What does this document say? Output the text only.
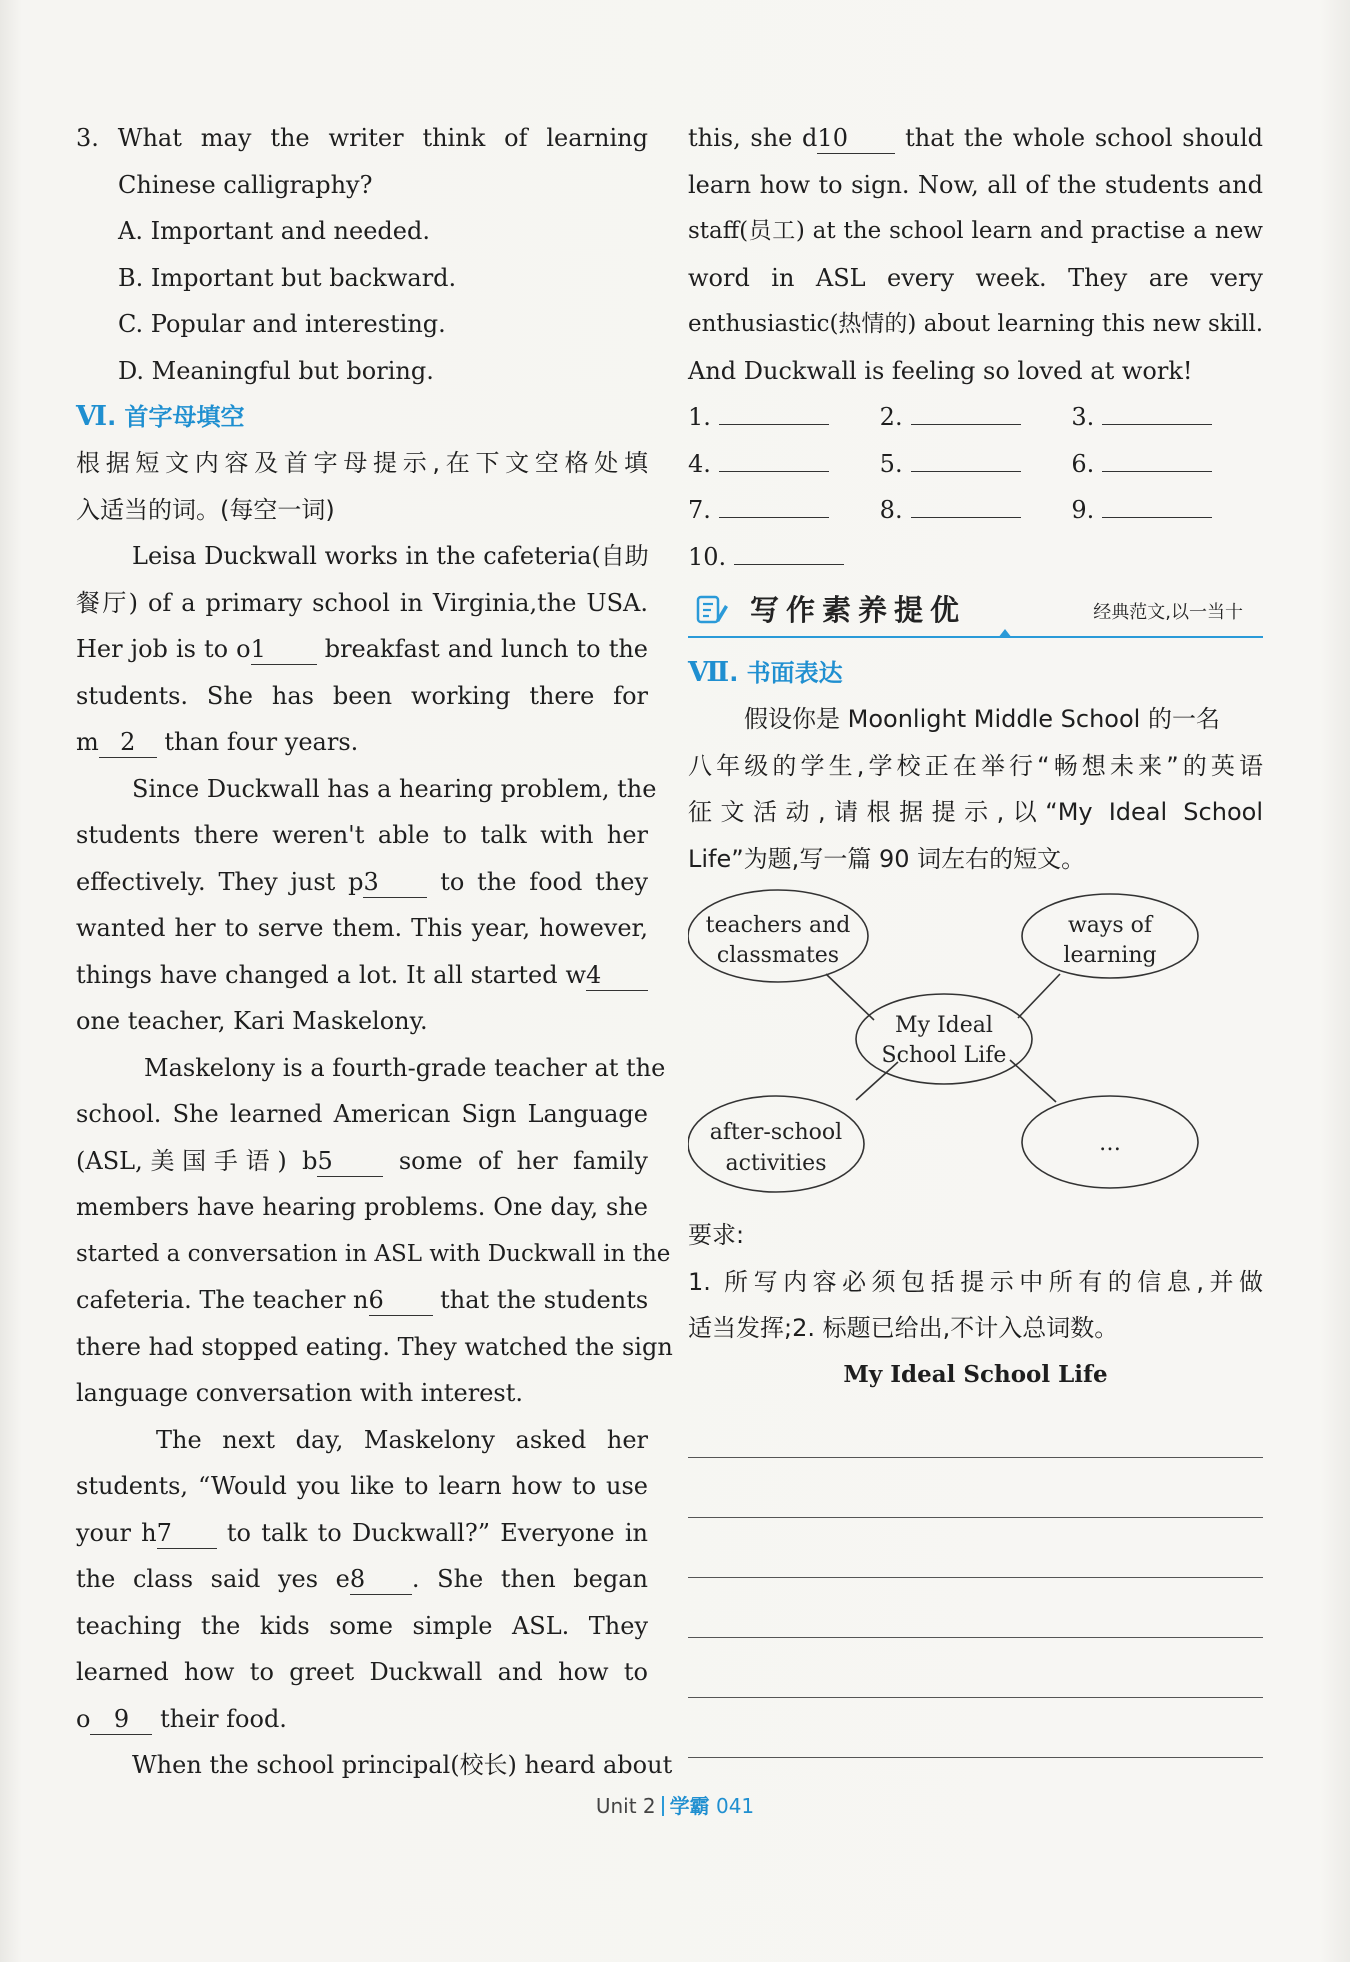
3. What may the writer think of learning
Chinese calligraphy?
A. Important and needed.
B. Important but backward.
C. Popular and interesting.
D. Meaningful but boring.
Ⅵ. 首字母填空
根据短文内容及首字母提示,在下文空格处填
入适当的词。(每空一词)
Leisa Duckwall works in the cafeteria(自助
餐厅) of a primary school in Virginia,the USA.
Her job is to o1 breakfast and lunch to the
students. She has been working there for
m 2 than four years.
Since Duckwall has a hearing problem, the
students there weren't able to talk with her
effectively. They just p3 to the food they
wanted her to serve them. This year, however,
things have changed a lot. It all started w4
one teacher, Kari Maskelony.
Maskelony is a fourth-grade teacher at the
school. She learned American Sign Language
(ASL,美国手语) b5 some of her family
members have hearing problems. One day, she
started a conversation in ASL with Duckwall in the
cafeteria. The teacher n6 that the students
there had stopped eating. They watched the sign
language conversation with interest.
The next day, Maskelony asked her
students, “Would you like to learn how to use
your h7 to talk to Duckwall?” Everyone in
the class said yes e8 . She then began
teaching the kids some simple ASL. They
learned how to greet Duckwall and how to
o 9 their food.
When the school principal(校长) heard about
this, she d10 that the whole school should
learn how to sign. Now, all of the students and
staff(员工) at the school learn and practise a new
word in ASL every week. They are very
enthusiastic(热情的) about learning this new skill.
And Duckwall is feeling so loved at work!
1.	2.	3.
4.	5.	6.
7.	8.	9.
10.
写作素养提优	经典范文,以一当十
Ⅶ. 书面表达
假设你是 Moonlight Middle School 的一名
八年级的学生,学校正在举行“畅想未来”的英语
征文活动,请根据提示,以“My Ideal School
Life”为题,写一篇 90 词左右的短文。
teachers and
classmates
ways of
learning
My Ideal
School Life
after-school
activities
…
要求:
1. 所写内容必须包括提示中所有的信息,并做
适当发挥;2. 标题已给出,不计入总词数。
My Ideal School Life
Unit 2 学霸 041
